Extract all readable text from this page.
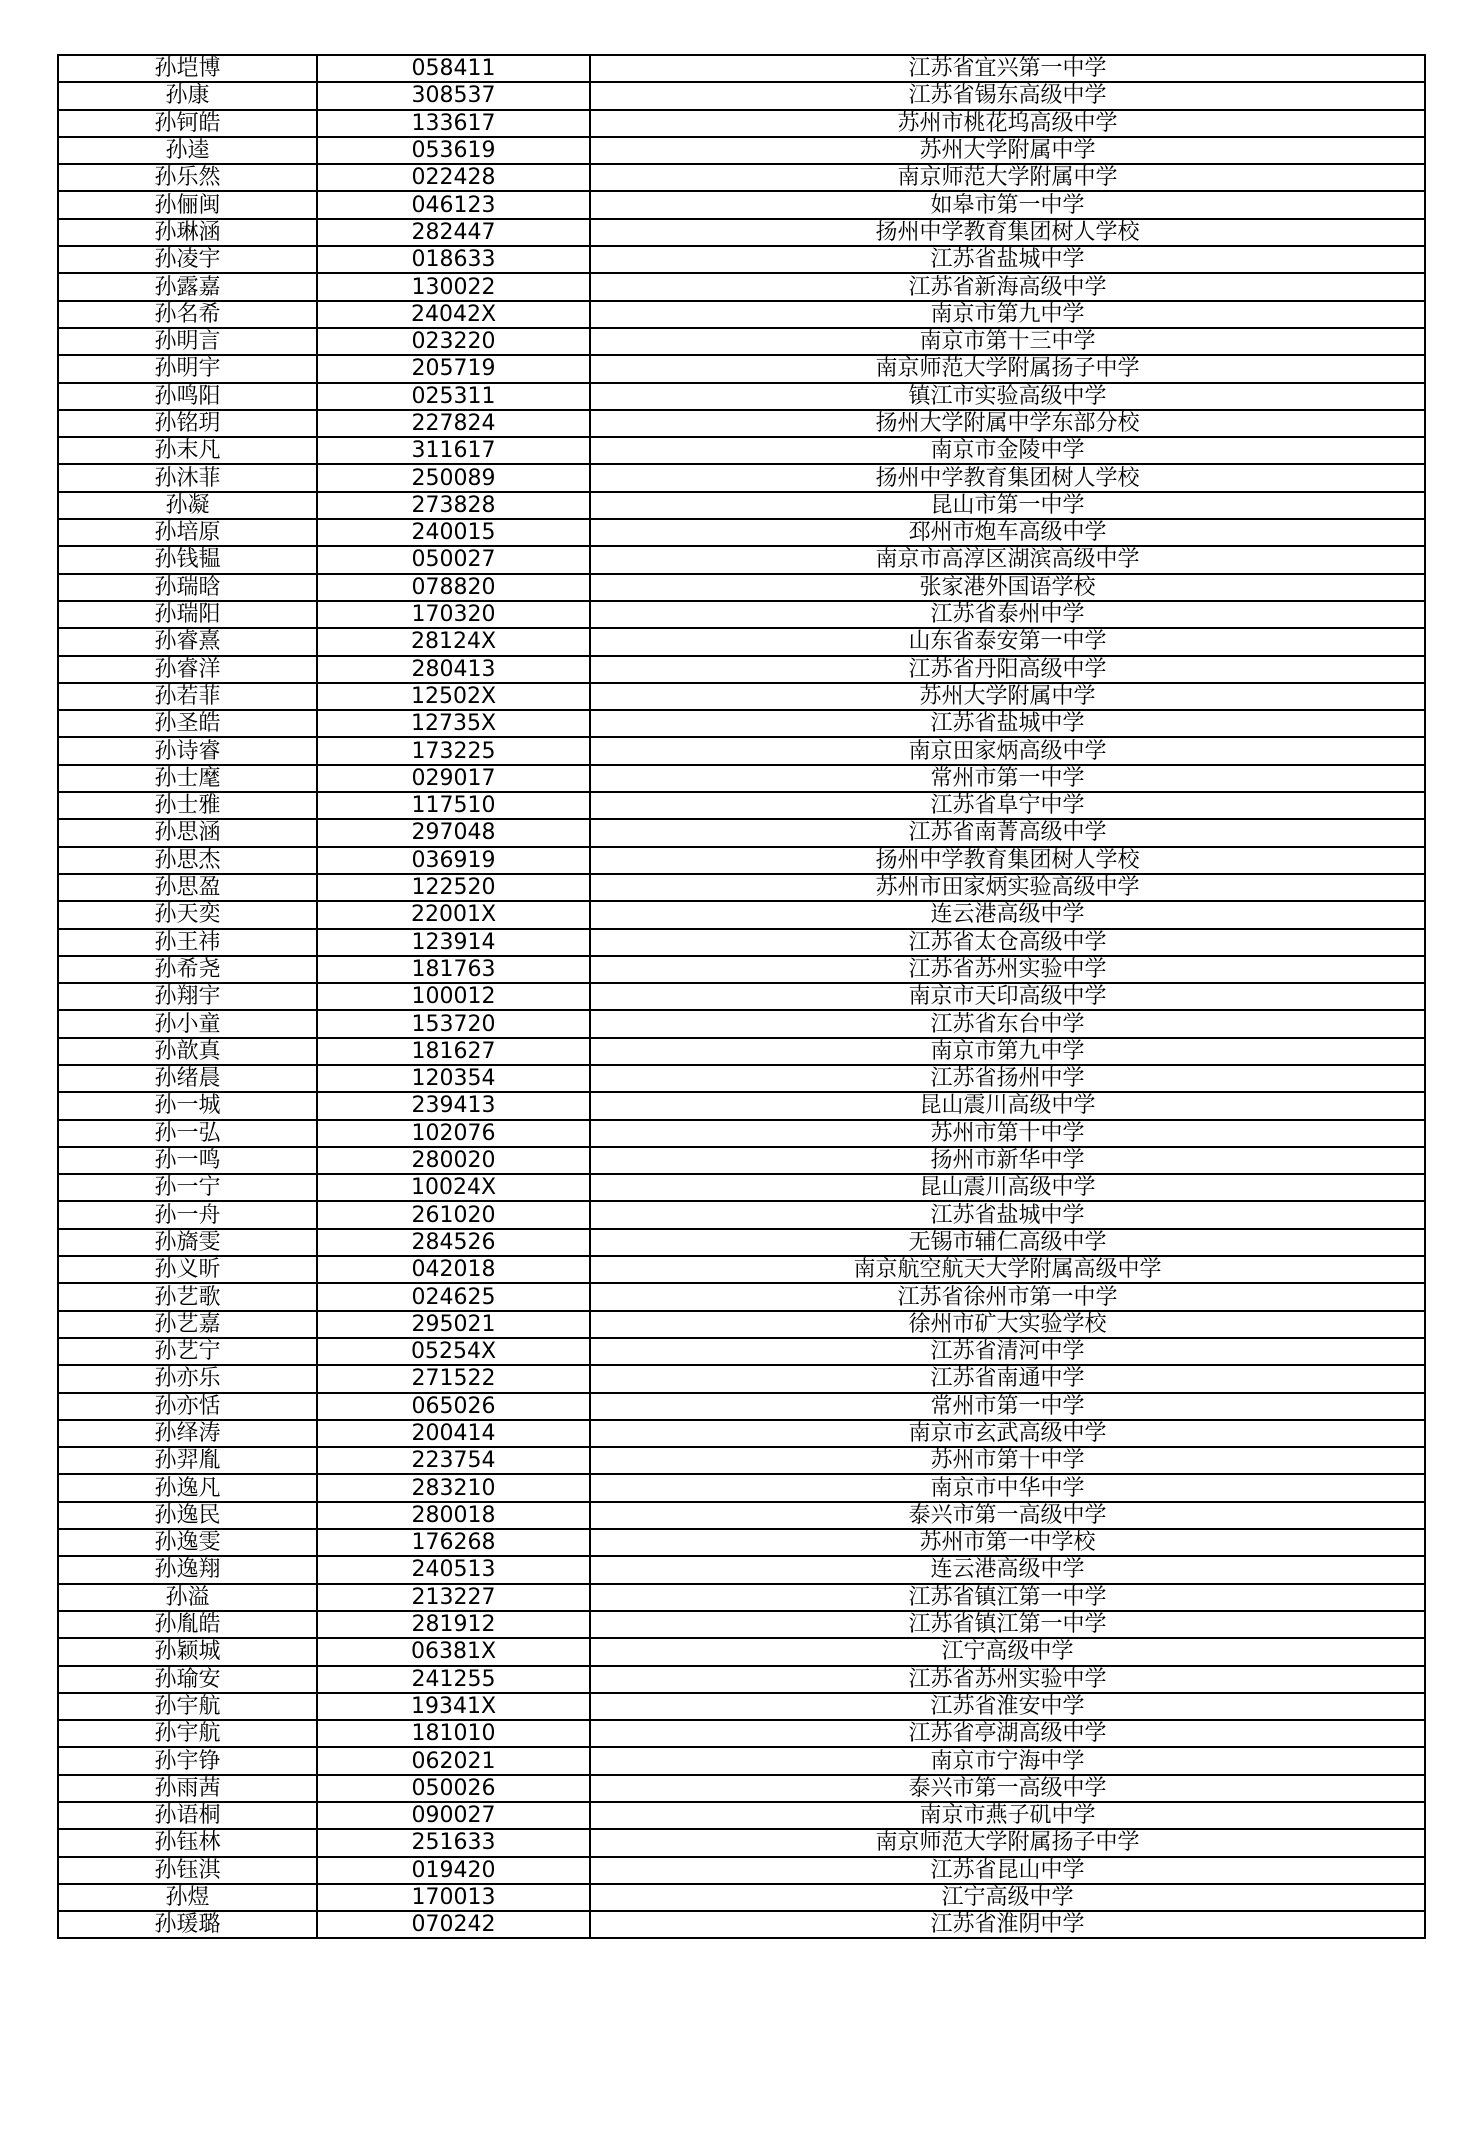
孙垲博	058411	江苏省宜兴第一中学
孙康	308537	江苏省锡东高级中学
孙钶皓	133617	苏州市桃花坞高级中学
孙逵	053619	苏州大学附属中学
孙乐然	022428	南京师范大学附属中学
孙俪闽	046123	如皋市第一中学
孙琳涵	282447	扬州中学教育集团树人学校
孙凌宇	018633	江苏省盐城中学
孙露嘉	130022	江苏省新海高级中学
孙名希	24042X	南京市第九中学
孙明言	023220	南京市第十三中学
孙明宇	205719	南京师范大学附属扬子中学
孙鸣阳	025311	镇江市实验高级中学
孙铭玥	227824	扬州大学附属中学东部分校
孙末凡	311617	南京市金陵中学
孙沐菲	250089	扬州中学教育集团树人学校
孙凝	273828	昆山市第一中学
孙培原	240015	邳州市炮车高级中学
孙钱韫	050027	南京市高淳区湖滨高级中学
孙瑞晗	078820	张家港外国语学校
孙瑞阳	170320	江苏省泰州中学
孙睿熹	28124X	山东省泰安第一中学
孙睿洋	280413	江苏省丹阳高级中学
孙若菲	12502X	苏州大学附属中学
孙圣皓	12735X	江苏省盐城中学
孙诗睿	173225	南京田家炳高级中学
孙士麾	029017	常州市第一中学
孙士雅	117510	江苏省阜宁中学
孙思涵	297048	江苏省南菁高级中学
孙思杰	036919	扬州中学教育集团树人学校
孙思盈	122520	苏州市田家炳实验高级中学
孙天奕	22001X	连云港高级中学
孙王祎	123914	江苏省太仓高级中学
孙希尧	181763	江苏省苏州实验中学
孙翔宇	100012	南京市天印高级中学
孙小童	153720	江苏省东台中学
孙歆真	181627	南京市第九中学
孙绪晨	120354	江苏省扬州中学
孙一城	239413	昆山震川高级中学
孙一弘	102076	苏州市第十中学
孙一鸣	280020	扬州市新华中学
孙一宁	10024X	昆山震川高级中学
孙一舟	261020	江苏省盐城中学
孙旖雯	284526	无锡市辅仁高级中学
孙义昕	042018	南京航空航天大学附属高级中学
孙艺歌	024625	江苏省徐州市第一中学
孙艺嘉	295021	徐州市矿大实验学校
孙艺宁	05254X	江苏省清河中学
孙亦乐	271522	江苏省南通中学
孙亦恬	065026	常州市第一中学
孙绎涛	200414	南京市玄武高级中学
孙羿胤	223754	苏州市第十中学
孙逸凡	283210	南京市中华中学
孙逸民	280018	泰兴市第一高级中学
孙逸雯	176268	苏州市第一中学校
孙逸翔	240513	连云港高级中学
孙溢	213227	江苏省镇江第一中学
孙胤皓	281912	江苏省镇江第一中学
孙颖城	06381X	江宁高级中学
孙瑜安	241255	江苏省苏州实验中学
孙宇航	19341X	江苏省淮安中学
孙宇航	181010	江苏省亭湖高级中学
孙宇铮	062021	南京市宁海中学
孙雨茜	050026	泰兴市第一高级中学
孙语桐	090027	南京市燕子矶中学
孙钰林	251633	南京师范大学附属扬子中学
孙钰淇	019420	江苏省昆山中学
孙煜	170013	江宁高级中学
孙瑗璐	070242	江苏省淮阴中学
